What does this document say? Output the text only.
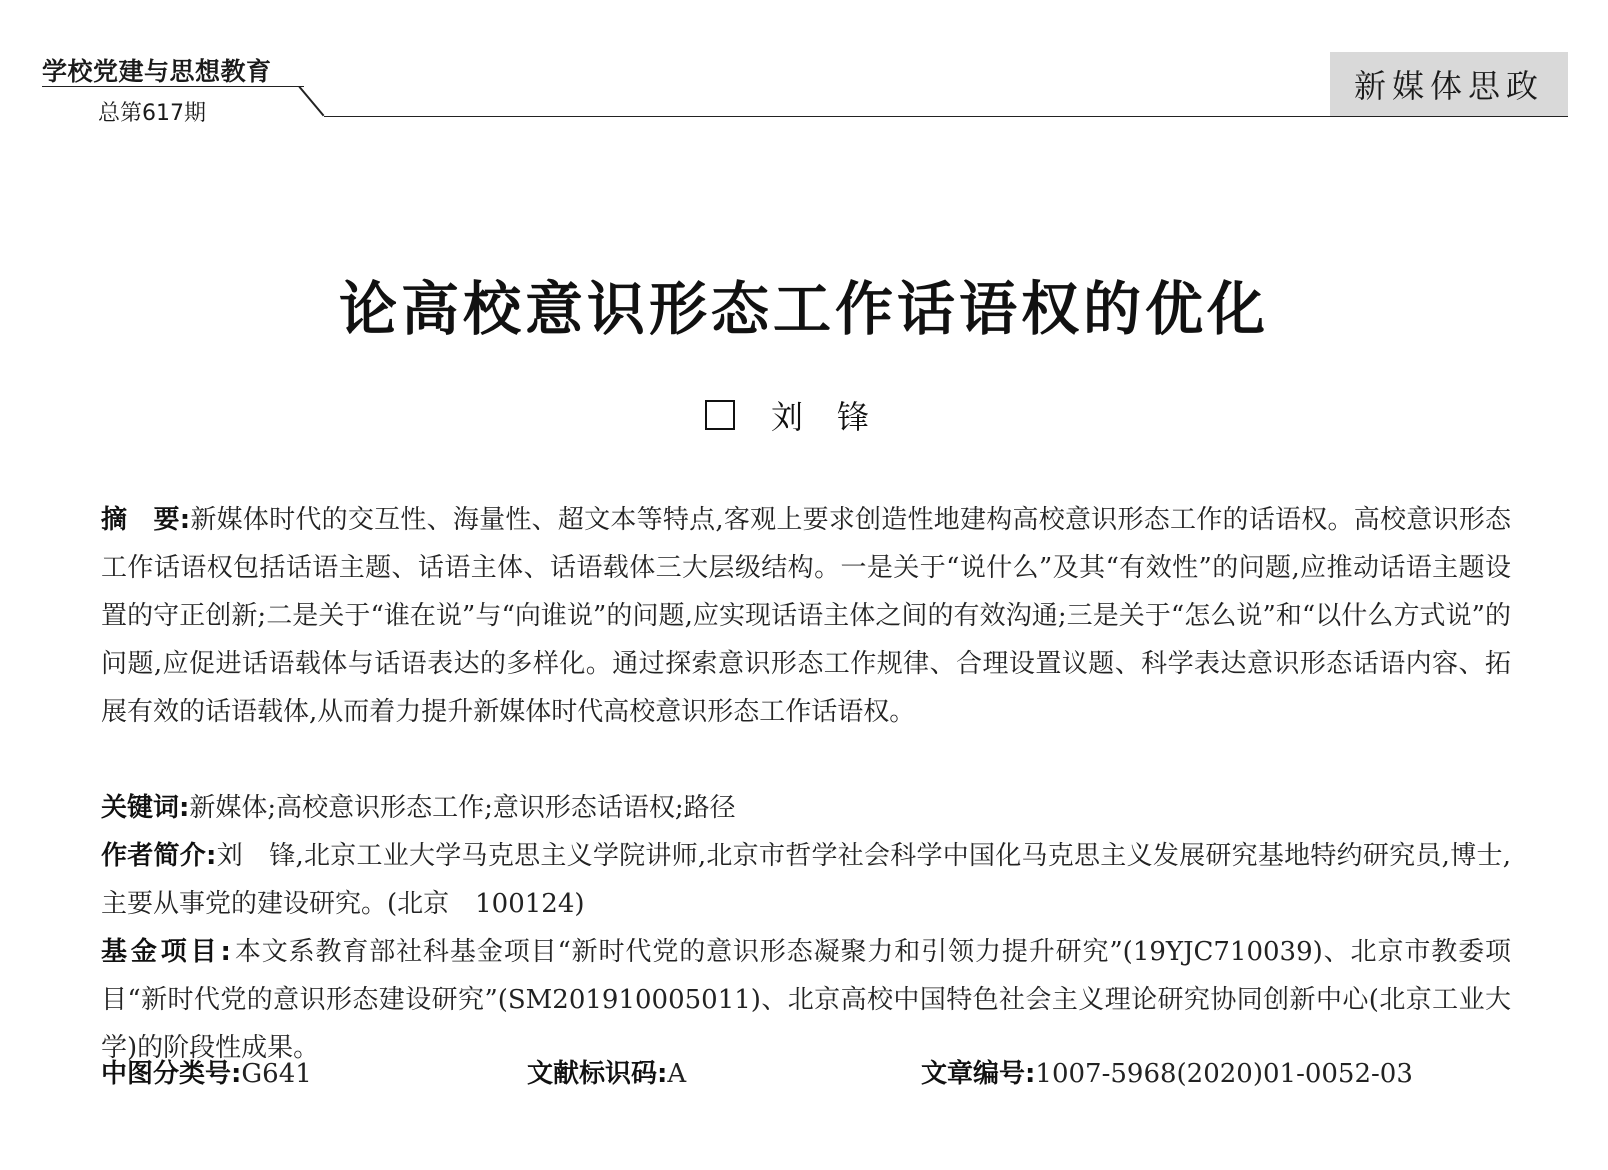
学校党建与思想教育
总第617期
新媒体思政
论高校意识形态工作话语权的优化
刘锋
摘　要:新媒体时代的交互性、海量性、超文本等特点,客观上要求创造性地建构高校意识形态工作的话语权。高校意识形态工作话语权包括话语主题、话语主体、话语载体三大层级结构。一是关于“说什么”及其“有效性”的问题,应推动话语主题设置的守正创新;二是关于“谁在说”与“向谁说”的问题,应实现话语主体之间的有效沟通;三是关于“怎么说”和“以什么方式说”的问题,应促进话语载体与话语表达的多样化。通过探索意识形态工作规律、合理设置议题、科学表达意识形态话语内容、拓展有效的话语载体,从而着力提升新媒体时代高校意识形态工作话语权。
关键词:新媒体;高校意识形态工作;意识形态话语权;路径
作者简介:刘　锋,北京工业大学马克思主义学院讲师,北京市哲学社会科学中国化马克思主义发展研究基地特约研究员,博士,主要从事党的建设研究。(北京　100124)
基金项目:本文系教育部社科基金项目“新时代党的意识形态凝聚力和引领力提升研究”(19YJC710039)、北京市教委项目“新时代党的意识形态建设研究”(SM201910005011)、北京高校中国特色社会主义理论研究协同创新中心(北京工业大学)的阶段性成果。
中图分类号:G641	文献标识码:A	文章编号:1007-5968(2020)01-0052-03
